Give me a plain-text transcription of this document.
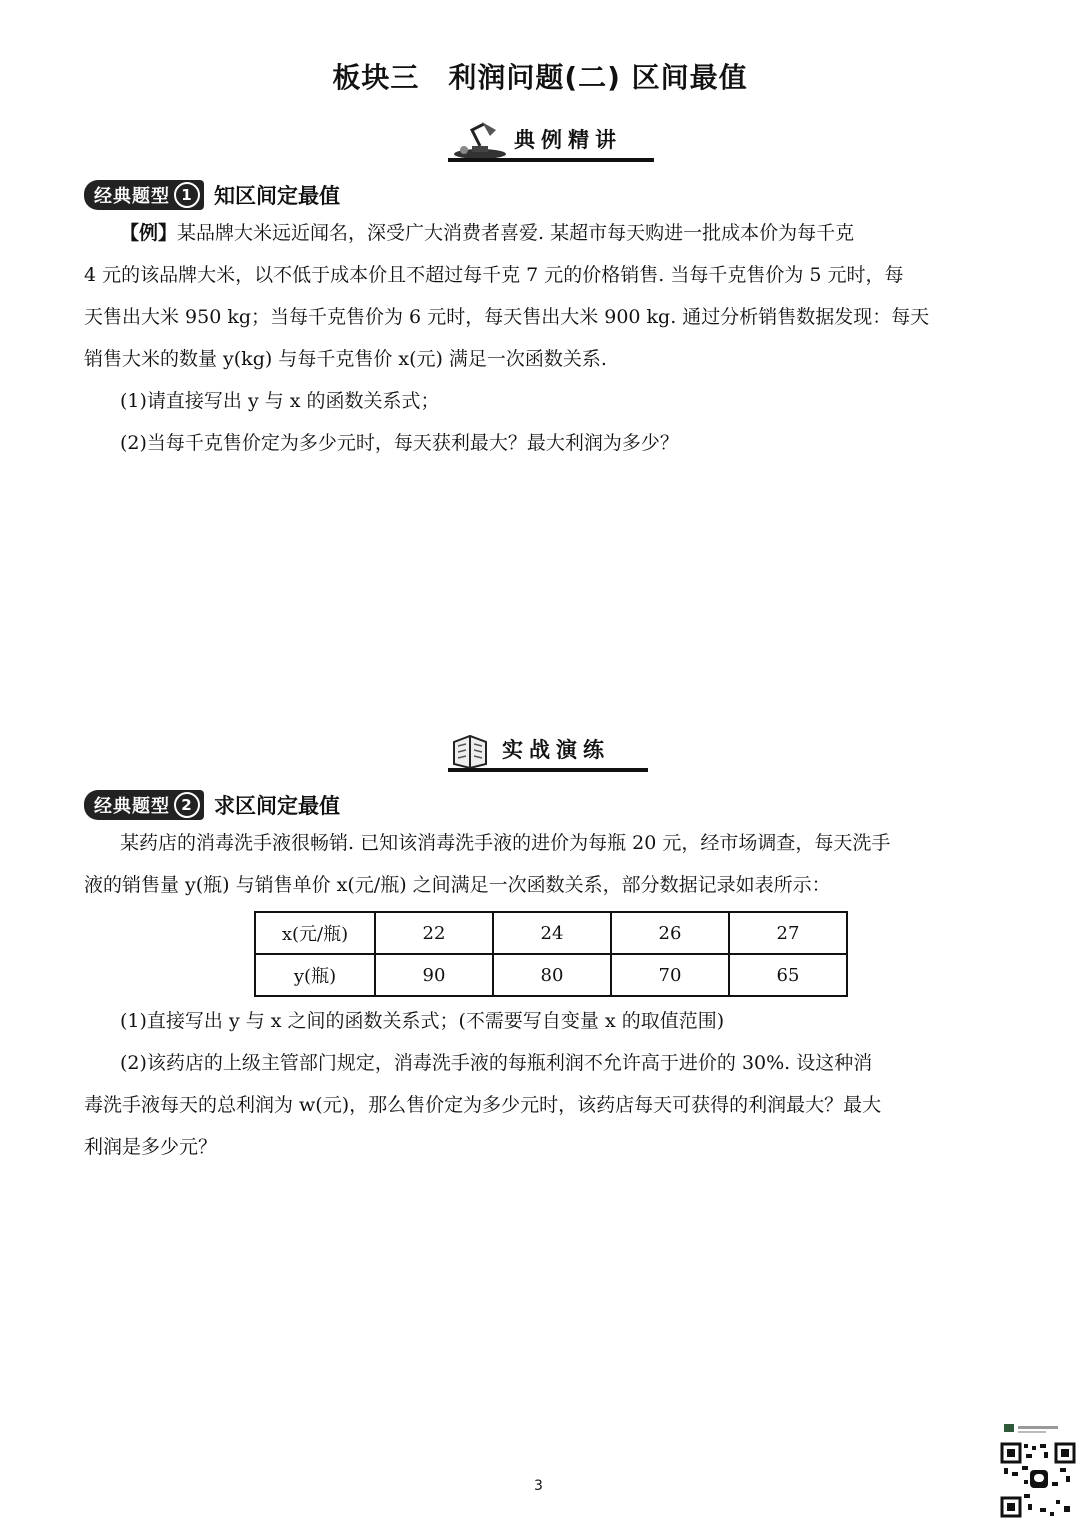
板块三　利润问题(二) 区间最值
典例精讲
经典题型 1	知区间定最值

【例】某品牌大米远近闻名，深受广大消费者喜爱. 某超市每天购进一批成本价为每千克

4 元的该品牌大米，以不低于成本价且不超过每千克 7 元的价格销售. 当每千克售价为 5 元时，每

天售出大米 950 kg；当每千克售价为 6 元时，每天售出大米 900 kg. 通过分析销售数据发现：每天

销售大米的数量 y(kg) 与每千克售价 x(元) 满足一次函数关系.

(1)请直接写出 y 与 x 的函数关系式；

(2)当每千克售价定为多少元时，每天获利最大？最大利润为多少？

实战演练
经典题型 2	求区间定最值

某药店的消毒洗手液很畅销. 已知该消毒洗手液的进价为每瓶 20 元，经市场调查，每天洗手

液的销售量 y(瓶) 与销售单价 x(元/瓶) 之间满足一次函数关系，部分数据记录如表所示：

x(元/瓶)	22	24	26	27
y(瓶)	90	80	70	65

(1)直接写出 y 与 x 之间的函数关系式；(不需要写自变量 x 的取值范围)

(2)该药店的上级主管部门规定，消毒洗手液的每瓶利润不允许高于进价的 30%. 设这种消

毒洗手液每天的总利润为 w(元)，那么售价定为多少元时，该药店每天可获得的利润最大？最大

利润是多少元？

3
